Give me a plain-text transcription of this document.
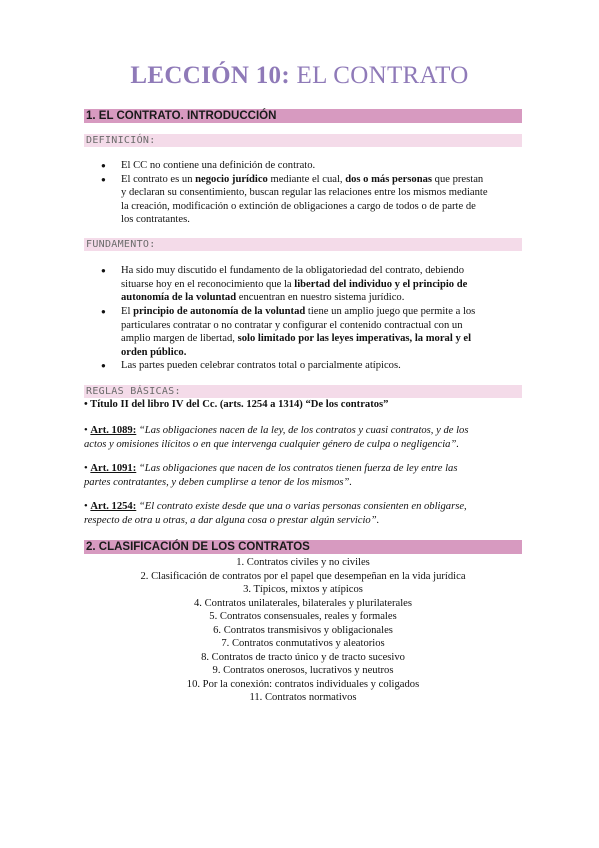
LECCIÓN 10: EL CONTRATO
1. EL CONTRATO. INTRODUCCIÓN
DEFINICIÓN:
● El CC no contiene una definición de contrato.
● El contrato es un negocio jurídico mediante el cual, dos o más personas que prestan
y declaran su consentimiento, buscan regular las relaciones entre los mismos mediante
la creación, modificación o extinción de obligaciones a cargo de todos o de parte de
los contratantes.
FUNDAMENTO:
● Ha sido muy discutido el fundamento de la obligatoriedad del contrato, debiendo
situarse hoy en el reconocimiento que la libertad del individuo y el principio de
autonomía de la voluntad encuentran en nuestro sistema jurídico.
● El principio de autonomía de la voluntad tiene un amplio juego que permite a los
particulares contratar o no contratar y configurar el contenido contractual con un
amplio margen de libertad, solo limitado por las leyes imperativas, la moral y el
orden público.
● Las partes pueden celebrar contratos total o parcialmente atípicos.
REGLAS BÁSICAS:
• Título II del libro IV del Cc. (arts. 1254 a 1314) “De los contratos”
• Art. 1089: “Las obligaciones nacen de la ley, de los contratos y cuasi contratos, y de los
actos y omisiones ilícitos o en que intervenga cualquier género de culpa o negligencia”.
• Art. 1091: “Las obligaciones que nacen de los contratos tienen fuerza de ley entre las
partes contratantes, y deben cumplirse a tenor de los mismos”.
• Art. 1254: “El contrato existe desde que una o varias personas consienten en obligarse,
respecto de otra u otras, a dar alguna cosa o prestar algún servicio”.
2. CLASIFICACIÓN DE LOS CONTRATOS
1. Contratos civiles y no civiles
2. Clasificación de contratos por el papel que desempeñan en la vida jurídica
3. Típicos, mixtos y atípicos
4. Contratos unilaterales, bilaterales y plurilaterales
5. Contratos consensuales, reales y formales
6. Contratos transmisivos y obligacionales
7. Contratos conmutativos y aleatorios
8. Contratos de tracto único y de tracto sucesivo
9. Contratos onerosos, lucrativos y neutros
10. Por la conexión: contratos individuales y coligados
11. Contratos normativos
